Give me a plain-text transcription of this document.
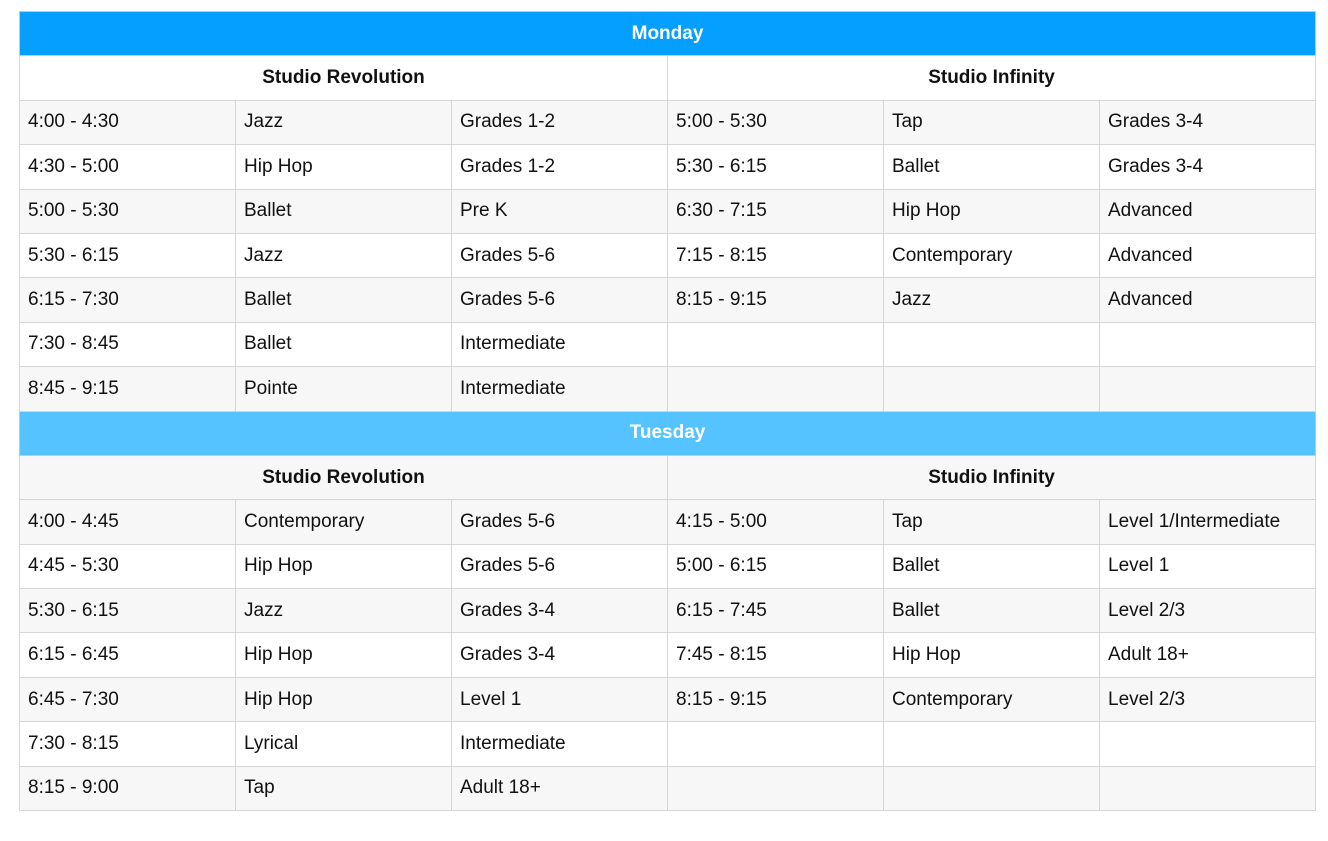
Monday					
Studio Revolution			Studio Infinity		
4:00 - 4:30	Jazz	Grades 1-2	5:00 - 5:30	Tap	Grades 3-4
4:30 - 5:00	Hip Hop	Grades 1-2	5:30 - 6:15	Ballet	Grades 3-4
5:00 - 5:30	Ballet	Pre K	6:30 - 7:15	Hip Hop	Advanced
5:30 - 6:15	Jazz	Grades 5-6	7:15 - 8:15	Contemporary	Advanced
6:15 - 7:30	Ballet	Grades 5-6	8:15 - 9:15	Jazz	Advanced
7:30 - 8:45	Ballet	Intermediate			
8:45 - 9:15	Pointe	Intermediate			
Tuesday					
Studio Revolution			Studio Infinity		
4:00 - 4:45	Contemporary	Grades 5-6	4:15 - 5:00	Tap	Level 1/Intermediate
4:45 - 5:30	Hip Hop	Grades 5-6	5:00 - 6:15	Ballet	Level 1
5:30 - 6:15	Jazz	Grades 3-4	6:15 - 7:45	Ballet	Level 2/3
6:15 - 6:45	Hip Hop	Grades 3-4	7:45 - 8:15	Hip Hop	Adult 18+
6:45 - 7:30	Hip Hop	Level 1	8:15 - 9:15	Contemporary	Level 2/3
7:30 - 8:15	Lyrical	Intermediate			
8:15 - 9:00	Tap	Adult 18+			
